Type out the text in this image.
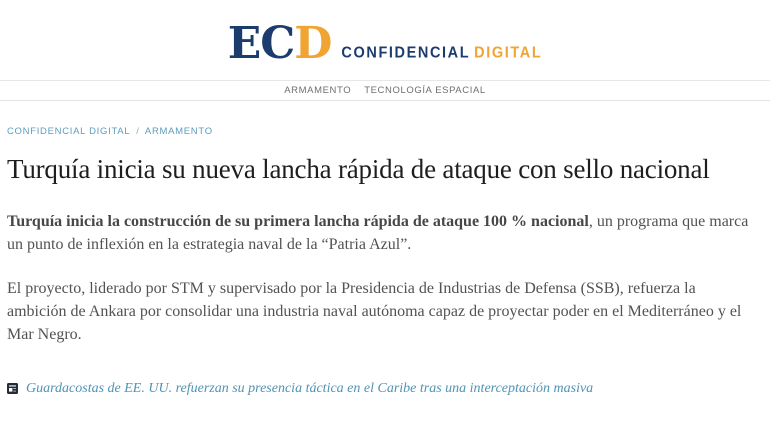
ECD CONFIDENCIAL DIGITAL
ARMAMENTO TECNOLOGÍA ESPACIAL
CONFIDENCIAL DIGITAL / ARMAMENTO
Turquía inicia su nueva lancha rápida de ataque con sello nacional

Turquía inicia la construcción de su primera lancha rápida de ataque 100 % nacional, un programa que marca un punto de inflexión en la estrategia naval de la “Patria Azul”.

El proyecto, liderado por STM y supervisado por la Presidencia de Industrias de Defensa (SSB), refuerza la ambición de Ankara por consolidar una industria naval autónoma capaz de proyectar poder en el Mediterráneo y el Mar Negro.

Guardacostas de EE. UU. refuerzan su presencia táctica en el Caribe tras una interceptación masiva
